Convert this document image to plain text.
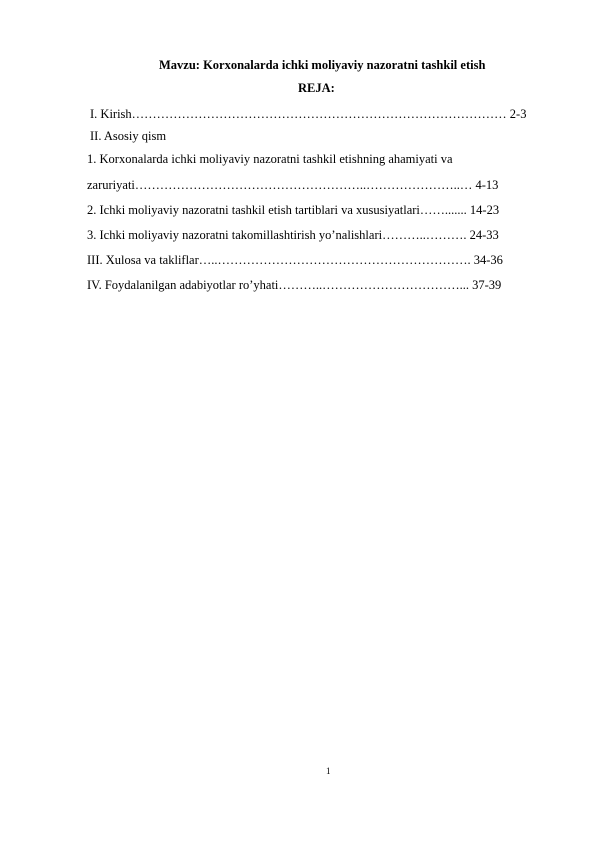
Mavzu: Korxonalarda ichki moliyaviy nazoratni tashkil etish
REJA:
I. Kirish……………………………………………………………………………… 2-3
II. Asosiy qism
1. Korxonalarda ichki moliyaviy nazoratni tashkil etishning ahamiyati va
zaruriyati………………………………………………..…………………..… 4-13
2. Ichki moliyaviy nazoratni tashkil etish tartiblari va xususiyatlari……....... 14-23
3. Ichki moliyaviy nazoratni takomillashtirish yo’nalishlari………..………. 24-33
III. Xulosa va takliflar…..……………………………………………………. 34-36
IV. Foydalanilgan adabiyotlar ro’yhati………..……………………………... 37-39
1
